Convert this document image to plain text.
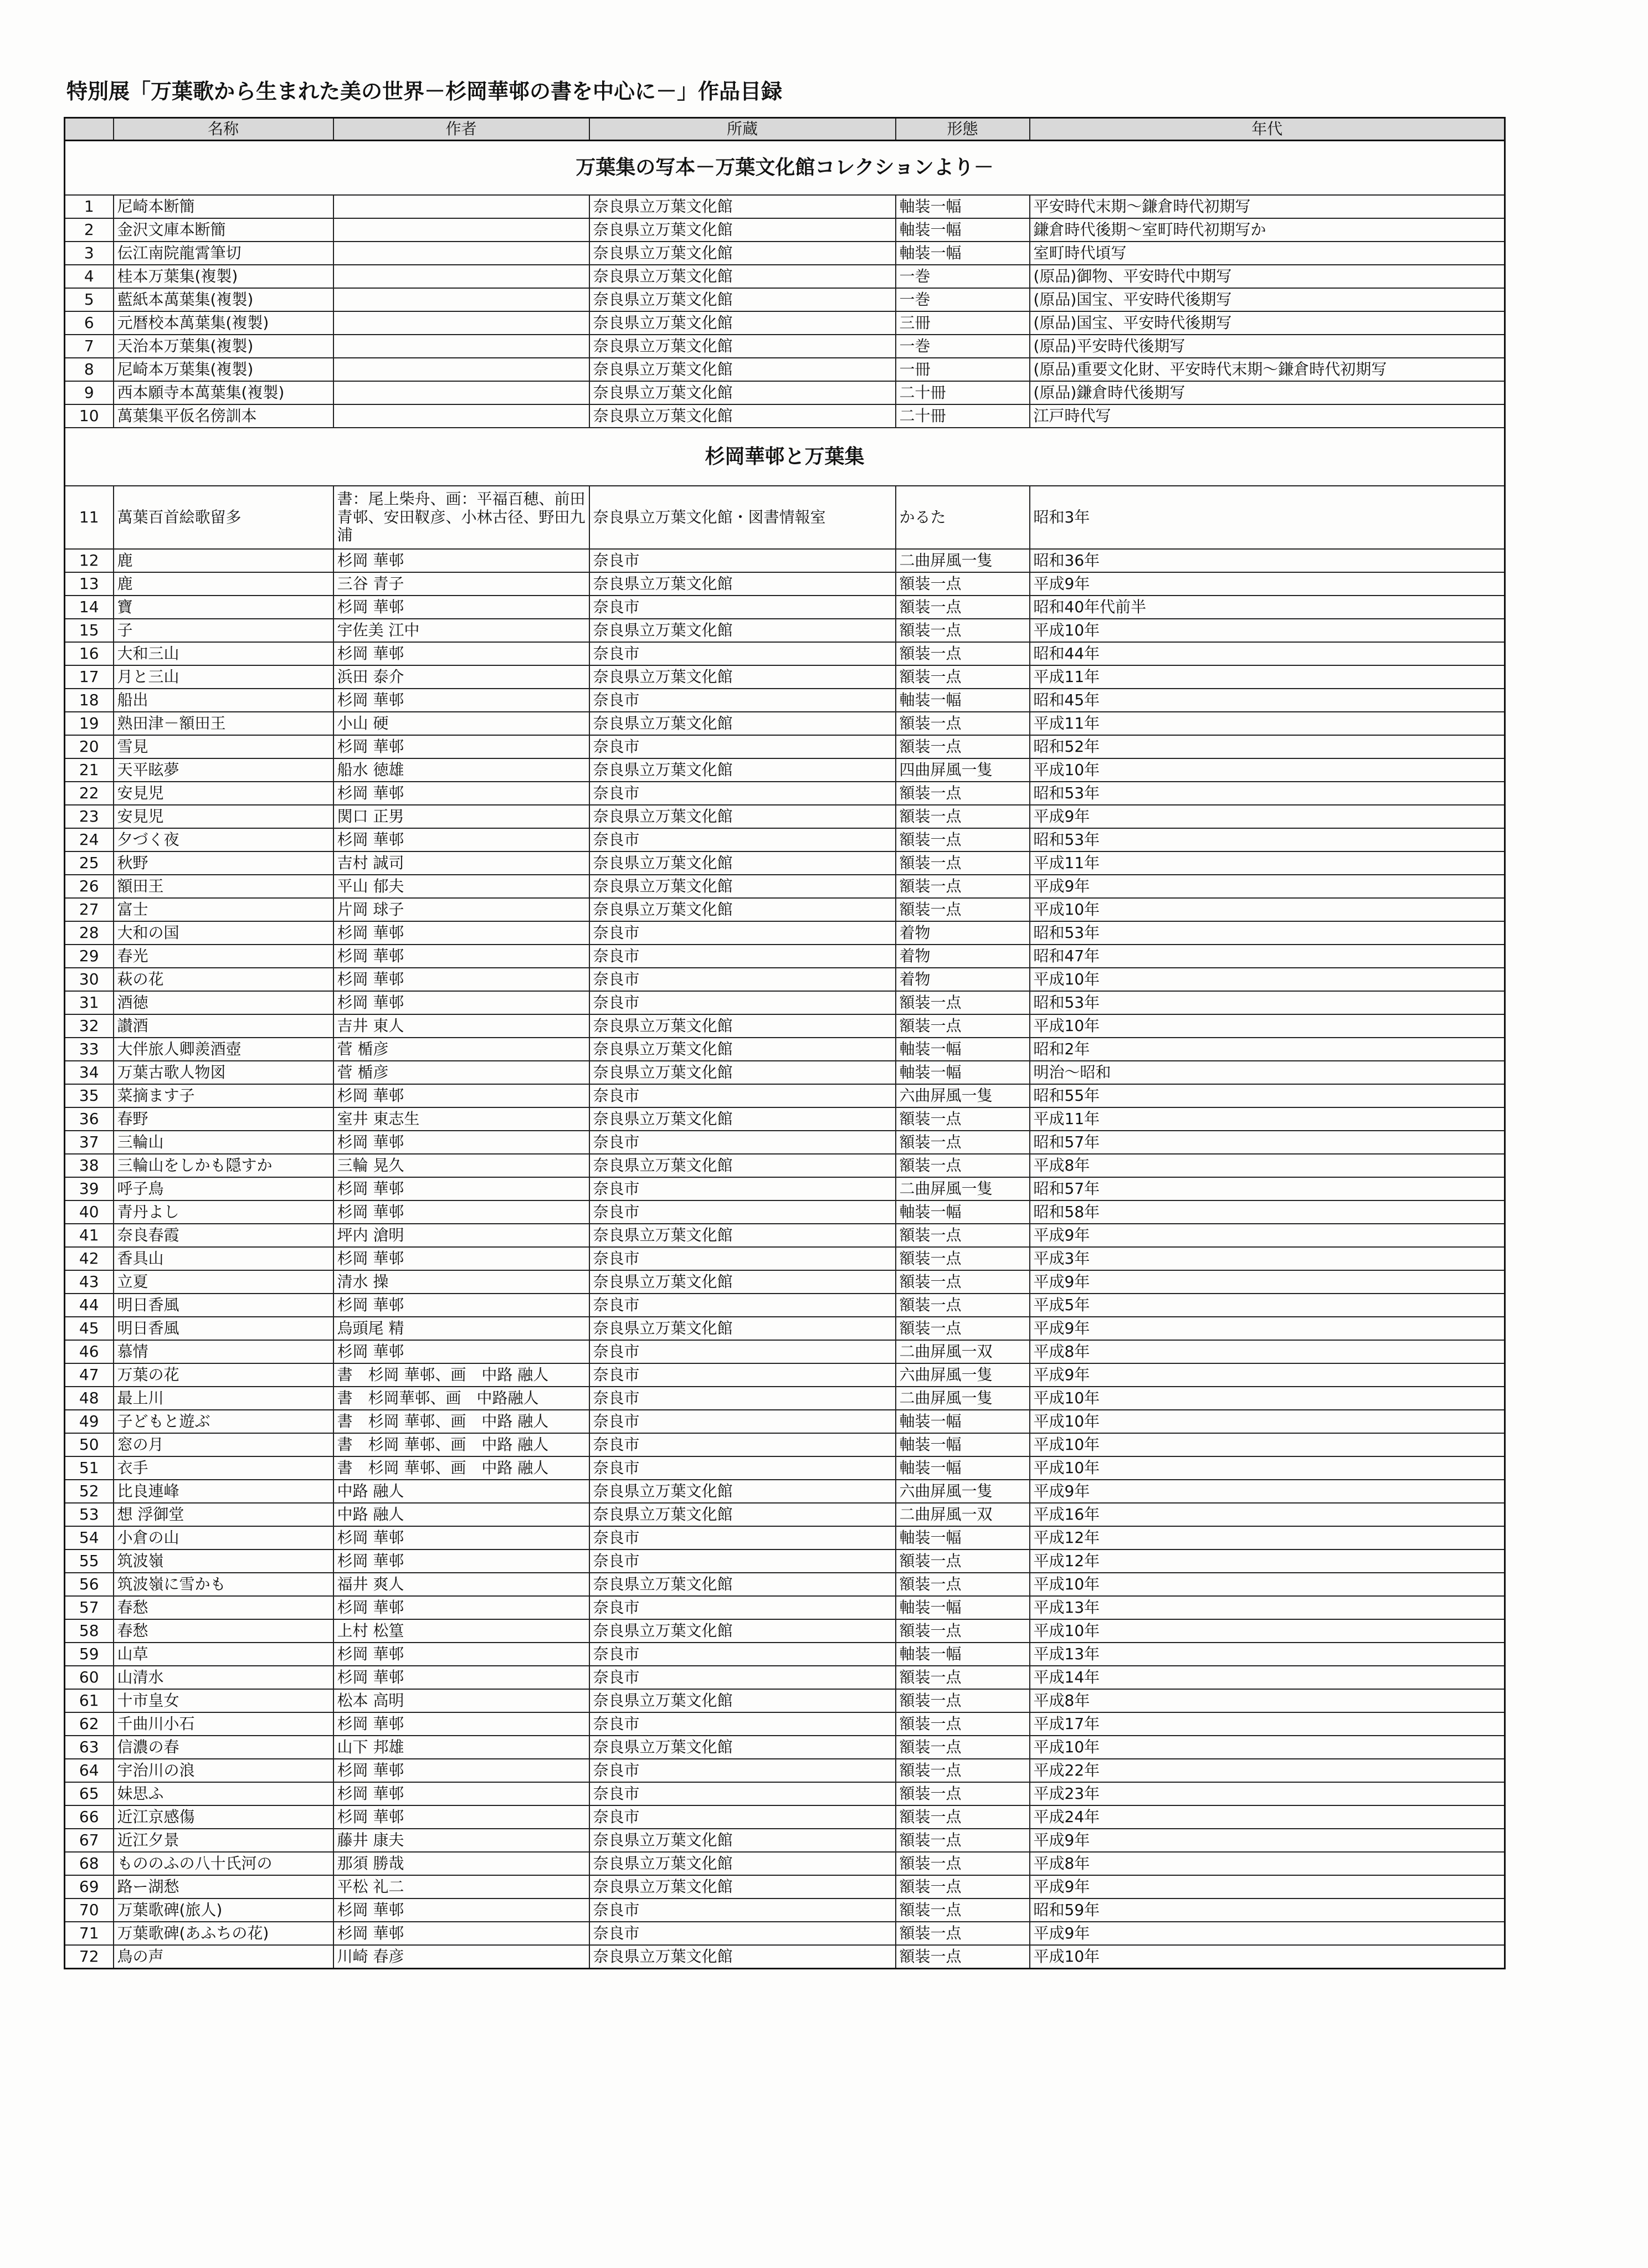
特別展「万葉歌から生まれた美の世界－杉岡華邨の書を中心に－」作品目録
	名称	作者	所蔵	形態	年代
万葉集の写本－万葉文化館コレクションより－					
1	尼崎本断簡		奈良県立万葉文化館	軸装一幅	平安時代末期～鎌倉時代初期写
2	金沢文庫本断簡		奈良県立万葉文化館	軸装一幅	鎌倉時代後期～室町時代初期写か
3	伝江南院龍霄筆切		奈良県立万葉文化館	軸装一幅	室町時代頃写
4	桂本万葉集(複製)		奈良県立万葉文化館	一巻	(原品)御物、平安時代中期写
5	藍紙本萬葉集(複製)		奈良県立万葉文化館	一巻	(原品)国宝、平安時代後期写
6	元暦校本萬葉集(複製)		奈良県立万葉文化館	三冊	(原品)国宝、平安時代後期写
7	天治本万葉集(複製)		奈良県立万葉文化館	一巻	(原品)平安時代後期写
8	尼崎本万葉集(複製)		奈良県立万葉文化館	一冊	(原品)重要文化財、平安時代末期～鎌倉時代初期写
9	西本願寺本萬葉集(複製)		奈良県立万葉文化館	二十冊	(原品)鎌倉時代後期写
10	萬葉集平仮名傍訓本		奈良県立万葉文化館	二十冊	江戸時代写
杉岡華邨と万葉集					
11	萬葉百首絵歌留多	書：尾上柴舟、画：平福百穂、前田青邨、安田靫彦、小林古径、野田九浦	奈良県立万葉文化館・図書情報室	かるた	昭和3年
12	鹿	杉岡 華邨	奈良市	二曲屏風一隻	昭和36年
13	鹿	三谷 青子	奈良県立万葉文化館	額装一点	平成9年
14	寶	杉岡 華邨	奈良市	額装一点	昭和40年代前半
15	子	宇佐美 江中	奈良県立万葉文化館	額装一点	平成10年
16	大和三山	杉岡 華邨	奈良市	額装一点	昭和44年
17	月と三山	浜田 泰介	奈良県立万葉文化館	額装一点	平成11年
18	船出	杉岡 華邨	奈良市	軸装一幅	昭和45年
19	熟田津－額田王	小山 硬	奈良県立万葉文化館	額装一点	平成11年
20	雪見	杉岡 華邨	奈良市	額装一点	昭和52年
21	天平眩夢	船水 徳雄	奈良県立万葉文化館	四曲屏風一隻	平成10年
22	安見児	杉岡 華邨	奈良市	額装一点	昭和53年
23	安見児	関口 正男	奈良県立万葉文化館	額装一点	平成9年
24	夕づく夜	杉岡 華邨	奈良市	額装一点	昭和53年
25	秋野	吉村 誠司	奈良県立万葉文化館	額装一点	平成11年
26	額田王	平山 郁夫	奈良県立万葉文化館	額装一点	平成9年
27	富士	片岡 球子	奈良県立万葉文化館	額装一点	平成10年
28	大和の国	杉岡 華邨	奈良市	着物	昭和53年
29	春光	杉岡 華邨	奈良市	着物	昭和47年
30	萩の花	杉岡 華邨	奈良市	着物	平成10年
31	酒徳	杉岡 華邨	奈良市	額装一点	昭和53年
32	讃酒	吉井 東人	奈良県立万葉文化館	額装一点	平成10年
33	大伴旅人卿羨酒壺	菅 楯彦	奈良県立万葉文化館	軸装一幅	昭和2年
34	万葉古歌人物図	菅 楯彦	奈良県立万葉文化館	軸装一幅	明治～昭和
35	菜摘ます子	杉岡 華邨	奈良市	六曲屏風一隻	昭和55年
36	春野	室井 東志生	奈良県立万葉文化館	額装一点	平成11年
37	三輪山	杉岡 華邨	奈良市	額装一点	昭和57年
38	三輪山をしかも隠すか	三輪 晃久	奈良県立万葉文化館	額装一点	平成8年
39	呼子鳥	杉岡 華邨	奈良市	二曲屏風一隻	昭和57年
40	青丹よし	杉岡 華邨	奈良市	軸装一幅	昭和58年
41	奈良春霞	坪内 滄明	奈良県立万葉文化館	額装一点	平成9年
42	香具山	杉岡 華邨	奈良市	額装一点	平成3年
43	立夏	清水 操	奈良県立万葉文化館	額装一点	平成9年
44	明日香風	杉岡 華邨	奈良市	額装一点	平成5年
45	明日香風	烏頭尾 精	奈良県立万葉文化館	額装一点	平成9年
46	慕情	杉岡 華邨	奈良市	二曲屏風一双	平成8年
47	万葉の花	書　杉岡 華邨、画　中路 融人	奈良市	六曲屏風一隻	平成9年
48	最上川	書　杉岡華邨、画　中路融人	奈良市	二曲屏風一隻	平成10年
49	子どもと遊ぶ	書　杉岡 華邨、画　中路 融人	奈良市	軸装一幅	平成10年
50	窓の月	書　杉岡 華邨、画　中路 融人	奈良市	軸装一幅	平成10年
51	衣手	書　杉岡 華邨、画　中路 融人	奈良市	軸装一幅	平成10年
52	比良連峰	中路 融人	奈良県立万葉文化館	六曲屏風一隻	平成9年
53	想 浮御堂	中路 融人	奈良県立万葉文化館	二曲屏風一双	平成16年
54	小倉の山	杉岡 華邨	奈良市	軸装一幅	平成12年
55	筑波嶺	杉岡 華邨	奈良市	額装一点	平成12年
56	筑波嶺に雪かも	福井 爽人	奈良県立万葉文化館	額装一点	平成10年
57	春愁	杉岡 華邨	奈良市	軸装一幅	平成13年
58	春愁	上村 松篁	奈良県立万葉文化館	額装一点	平成10年
59	山草	杉岡 華邨	奈良市	軸装一幅	平成13年
60	山清水	杉岡 華邨	奈良市	額装一点	平成14年
61	十市皇女	松本 高明	奈良県立万葉文化館	額装一点	平成8年
62	千曲川小石	杉岡 華邨	奈良市	額装一点	平成17年
63	信濃の春	山下 邦雄	奈良県立万葉文化館	額装一点	平成10年
64	宇治川の浪	杉岡 華邨	奈良市	額装一点	平成22年
65	妹思ふ	杉岡 華邨	奈良市	額装一点	平成23年
66	近江京感傷	杉岡 華邨	奈良市	額装一点	平成24年
67	近江夕景	藤井 康夫	奈良県立万葉文化館	額装一点	平成9年
68	もののふの八十氏河の	那須 勝哉	奈良県立万葉文化館	額装一点	平成8年
69	路ー湖愁	平松 礼二	奈良県立万葉文化館	額装一点	平成9年
70	万葉歌碑(旅人)	杉岡 華邨	奈良市	額装一点	昭和59年
71	万葉歌碑(あふちの花)	杉岡 華邨	奈良市	額装一点	平成9年
72	鳥の声	川崎 春彦	奈良県立万葉文化館	額装一点	平成10年
